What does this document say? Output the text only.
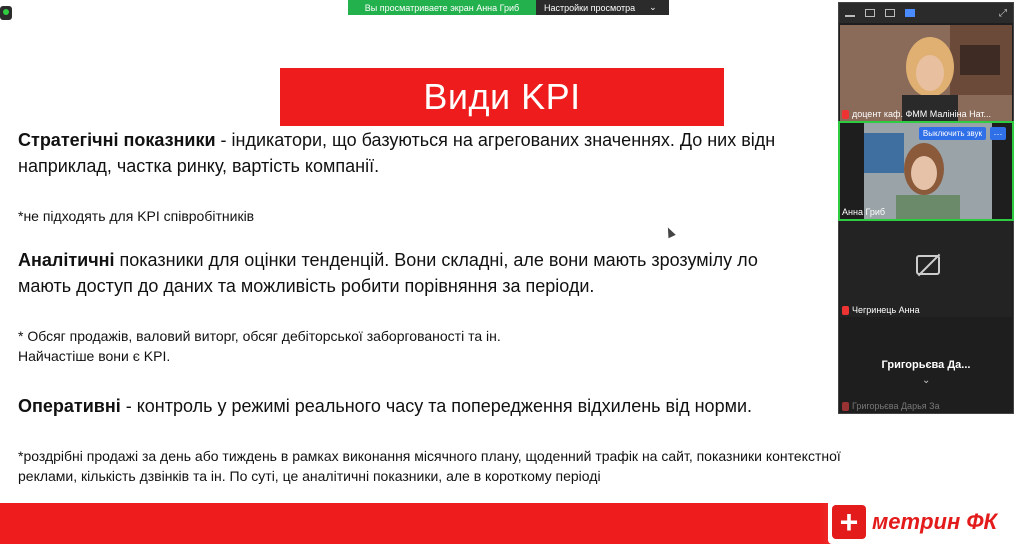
Вы просматриваете экран Анна Гриб	Настройки просмотра ⌄
Види KPI
Стратегічні показники - індикатори, що базуються на агрегованих значеннях. До них відн
наприклад, частка ринку, вартість компанії.
*не підходять для KPI співробітників
Аналітичні показники для оцінки тенденцій. Вони складні, але вони мають зрозумілу ло
мають доступ до даних та можливість робити порівняння за періоди.
* Обсяг продажів, валовий виторг, обсяг дебіторської заборгованості та ін.
Найчастіше вони є KPI.
Оперативні - контроль у режимі реального часу та попередження відхилень від норми.
*роздрібні продажі за день або тиждень в рамках виконання місячного плану, щоденний трафік на сайт, показники контекстної
реклами, кількість дзвінків та ін. По суті, це аналітичні показники, але в короткому періоді
+ метрин ФК
⤢
доцент каф. ФММ Малініна Нат...
Выключить звук	···
Анна Гриб
Чегринець Анна
Григорьєва Да...
⌄
Григорьєва Дарья За
